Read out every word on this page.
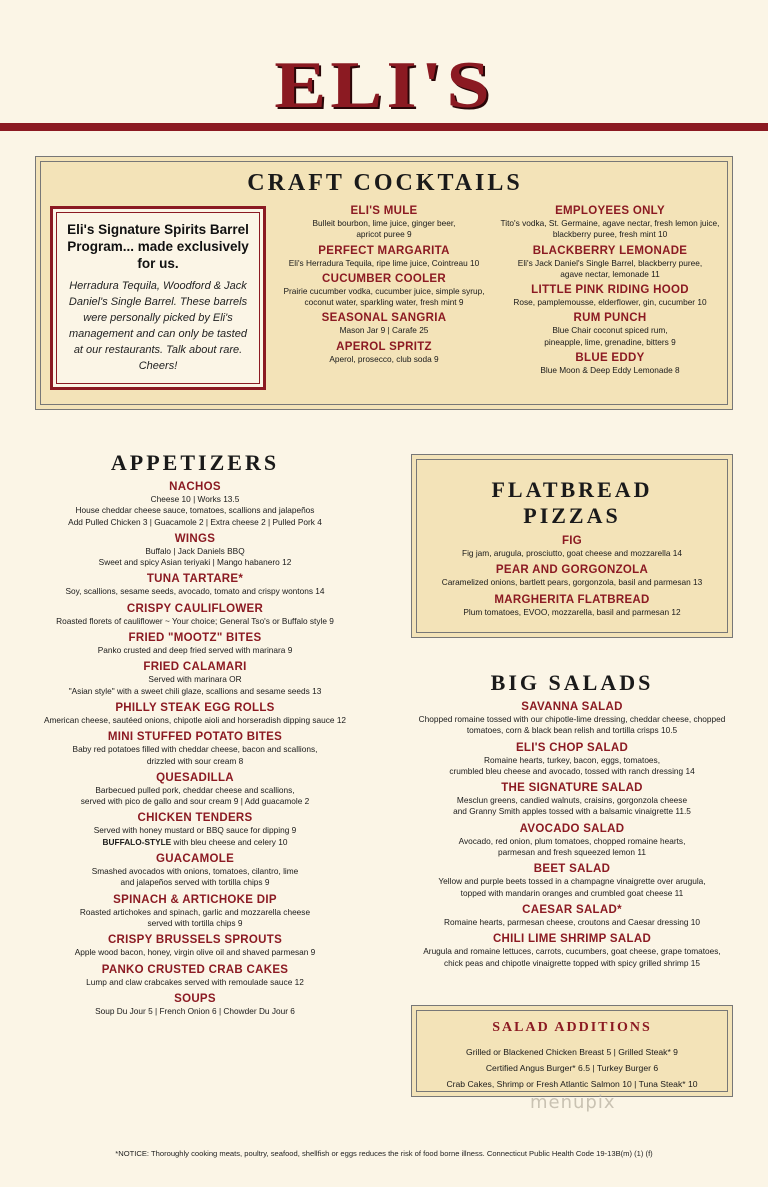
ELI'S
CRAFT COCKTAILS
Eli's Signature Spirits Barrel Program... made exclusively for us.
Herradura Tequila, Woodford & Jack Daniel's Single Barrel. These barrels were personally picked by Eli's management and can only be tasted at our restaurants. Talk about rare. Cheers!
ELI'S MULE
Bulleit bourbon, lime juice, ginger beer,
apricot puree 9
PERFECT MARGARITA
Eli's Herradura Tequila, ripe lime juice, Cointreau 10
CUCUMBER COOLER
Prairie cucumber vodka, cucumber juice, simple syrup,
coconut water, sparkling water, fresh mint 9
SEASONAL SANGRIA
Mason Jar 9 | Carafe 25
APEROL SPRITZ
Aperol, prosecco, club soda 9
EMPLOYEES ONLY
Tito's vodka, St. Germaine, agave nectar, fresh lemon juice,
blackberry puree, fresh mint 10
BLACKBERRY LEMONADE
Eli's Jack Daniel's Single Barrel, blackberry puree,
agave nectar, lemonade 11
LITTLE PINK RIDING HOOD
Rose, pamplemousse, elderflower, gin, cucumber 10
RUM PUNCH
Blue Chair coconut spiced rum,
pineapple, lime, grenadine, bitters 9
BLUE EDDY
Blue Moon & Deep Eddy Lemonade 8
APPETIZERS
NACHOS
Cheese 10 | Works 13.5
House cheddar cheese sauce, tomatoes, scallions and jalapeños
Add Pulled Chicken 3 | Guacamole 2 | Extra cheese 2 | Pulled Pork 4
WINGS
Buffalo | Jack Daniels BBQ
Sweet and spicy Asian teriyaki | Mango habanero 12
TUNA TARTARE*
Soy, scallions, sesame seeds, avocado, tomato and crispy wontons 14
CRISPY CAULIFLOWER
Roasted florets of cauliflower ~ Your choice; General Tso's or Buffalo style 9
FRIED "MOOTZ" BITES
Panko crusted and deep fried served with marinara 9
FRIED CALAMARI
Served with marinara OR
"Asian style" with a sweet chili glaze, scallions and sesame seeds 13
PHILLY STEAK EGG ROLLS
American cheese, sautéed onions, chipotle aioli and horseradish dipping sauce 12
MINI STUFFED POTATO BITES
Baby red potatoes filled with cheddar cheese, bacon and scallions,
drizzled with sour cream 8
QUESADILLA
Barbecued pulled pork, cheddar cheese and scallions,
served with pico de gallo and sour cream 9 | Add guacamole 2
CHICKEN TENDERS
Served with honey mustard or BBQ sauce for dipping 9
BUFFALO-STYLE with bleu cheese and celery 10
GUACAMOLE
Smashed avocados with onions, tomatoes, cilantro, lime
and jalapeños served with tortilla chips 9
SPINACH & ARTICHOKE DIP
Roasted artichokes and spinach, garlic and mozzarella cheese
served with tortilla chips 9
CRISPY BRUSSELS SPROUTS
Apple wood bacon, honey, virgin olive oil and shaved parmesan 9
PANKO CRUSTED CRAB CAKES
Lump and claw crabcakes served with remoulade sauce 12
SOUPS
Soup Du Jour 5 | French Onion 6 | Chowder Du Jour 6
FLATBREAD
PIZZAS
FIG
Fig jam, arugula, prosciutto, goat cheese and mozzarella 14
PEAR AND GORGONZOLA
Caramelized onions, bartlett pears, gorgonzola, basil and parmesan 13
MARGHERITA FLATBREAD
Plum tomatoes, EVOO, mozzarella, basil and parmesan 12
BIG SALADS
SAVANNA SALAD
Chopped romaine tossed with our chipotle-lime dressing, cheddar cheese, chopped
tomatoes, corn & black bean relish and tortilla crisps 10.5
ELI'S CHOP SALAD
Romaine hearts, turkey, bacon, eggs, tomatoes,
crumbled bleu cheese and avocado, tossed with ranch dressing 14
THE SIGNATURE SALAD
Mesclun greens, candied walnuts, craisins, gorgonzola cheese
and Granny Smith apples tossed with a balsamic vinaigrette 11.5
AVOCADO SALAD
Avocado, red onion, plum tomatoes, chopped romaine hearts,
parmesan and fresh squeezed lemon 11
BEET SALAD
Yellow and purple beets tossed in a champagne vinaigrette over arugula,
topped with mandarin oranges and crumbled goat cheese 11
CAESAR SALAD*
Romaine hearts, parmesan cheese, croutons and Caesar dressing 10
CHILI LIME SHRIMP SALAD
Arugula and romaine lettuces, carrots, cucumbers, goat cheese, grape tomatoes,
chick peas and chipotle vinaigrette topped with spicy grilled shrimp 15
SALAD ADDITIONS
Grilled or Blackened Chicken Breast 5 | Grilled Steak* 9
Certified Angus Burger* 6.5 | Turkey Burger 6
Crab Cakes, Shrimp or Fresh Atlantic Salmon 10 | Tuna Steak* 10
menupix
*NOTICE: Thoroughly cooking meats, poultry, seafood, shellfish or eggs reduces the risk of food borne illness. Connecticut Public Health Code 19-13B(m) (1) (f)
